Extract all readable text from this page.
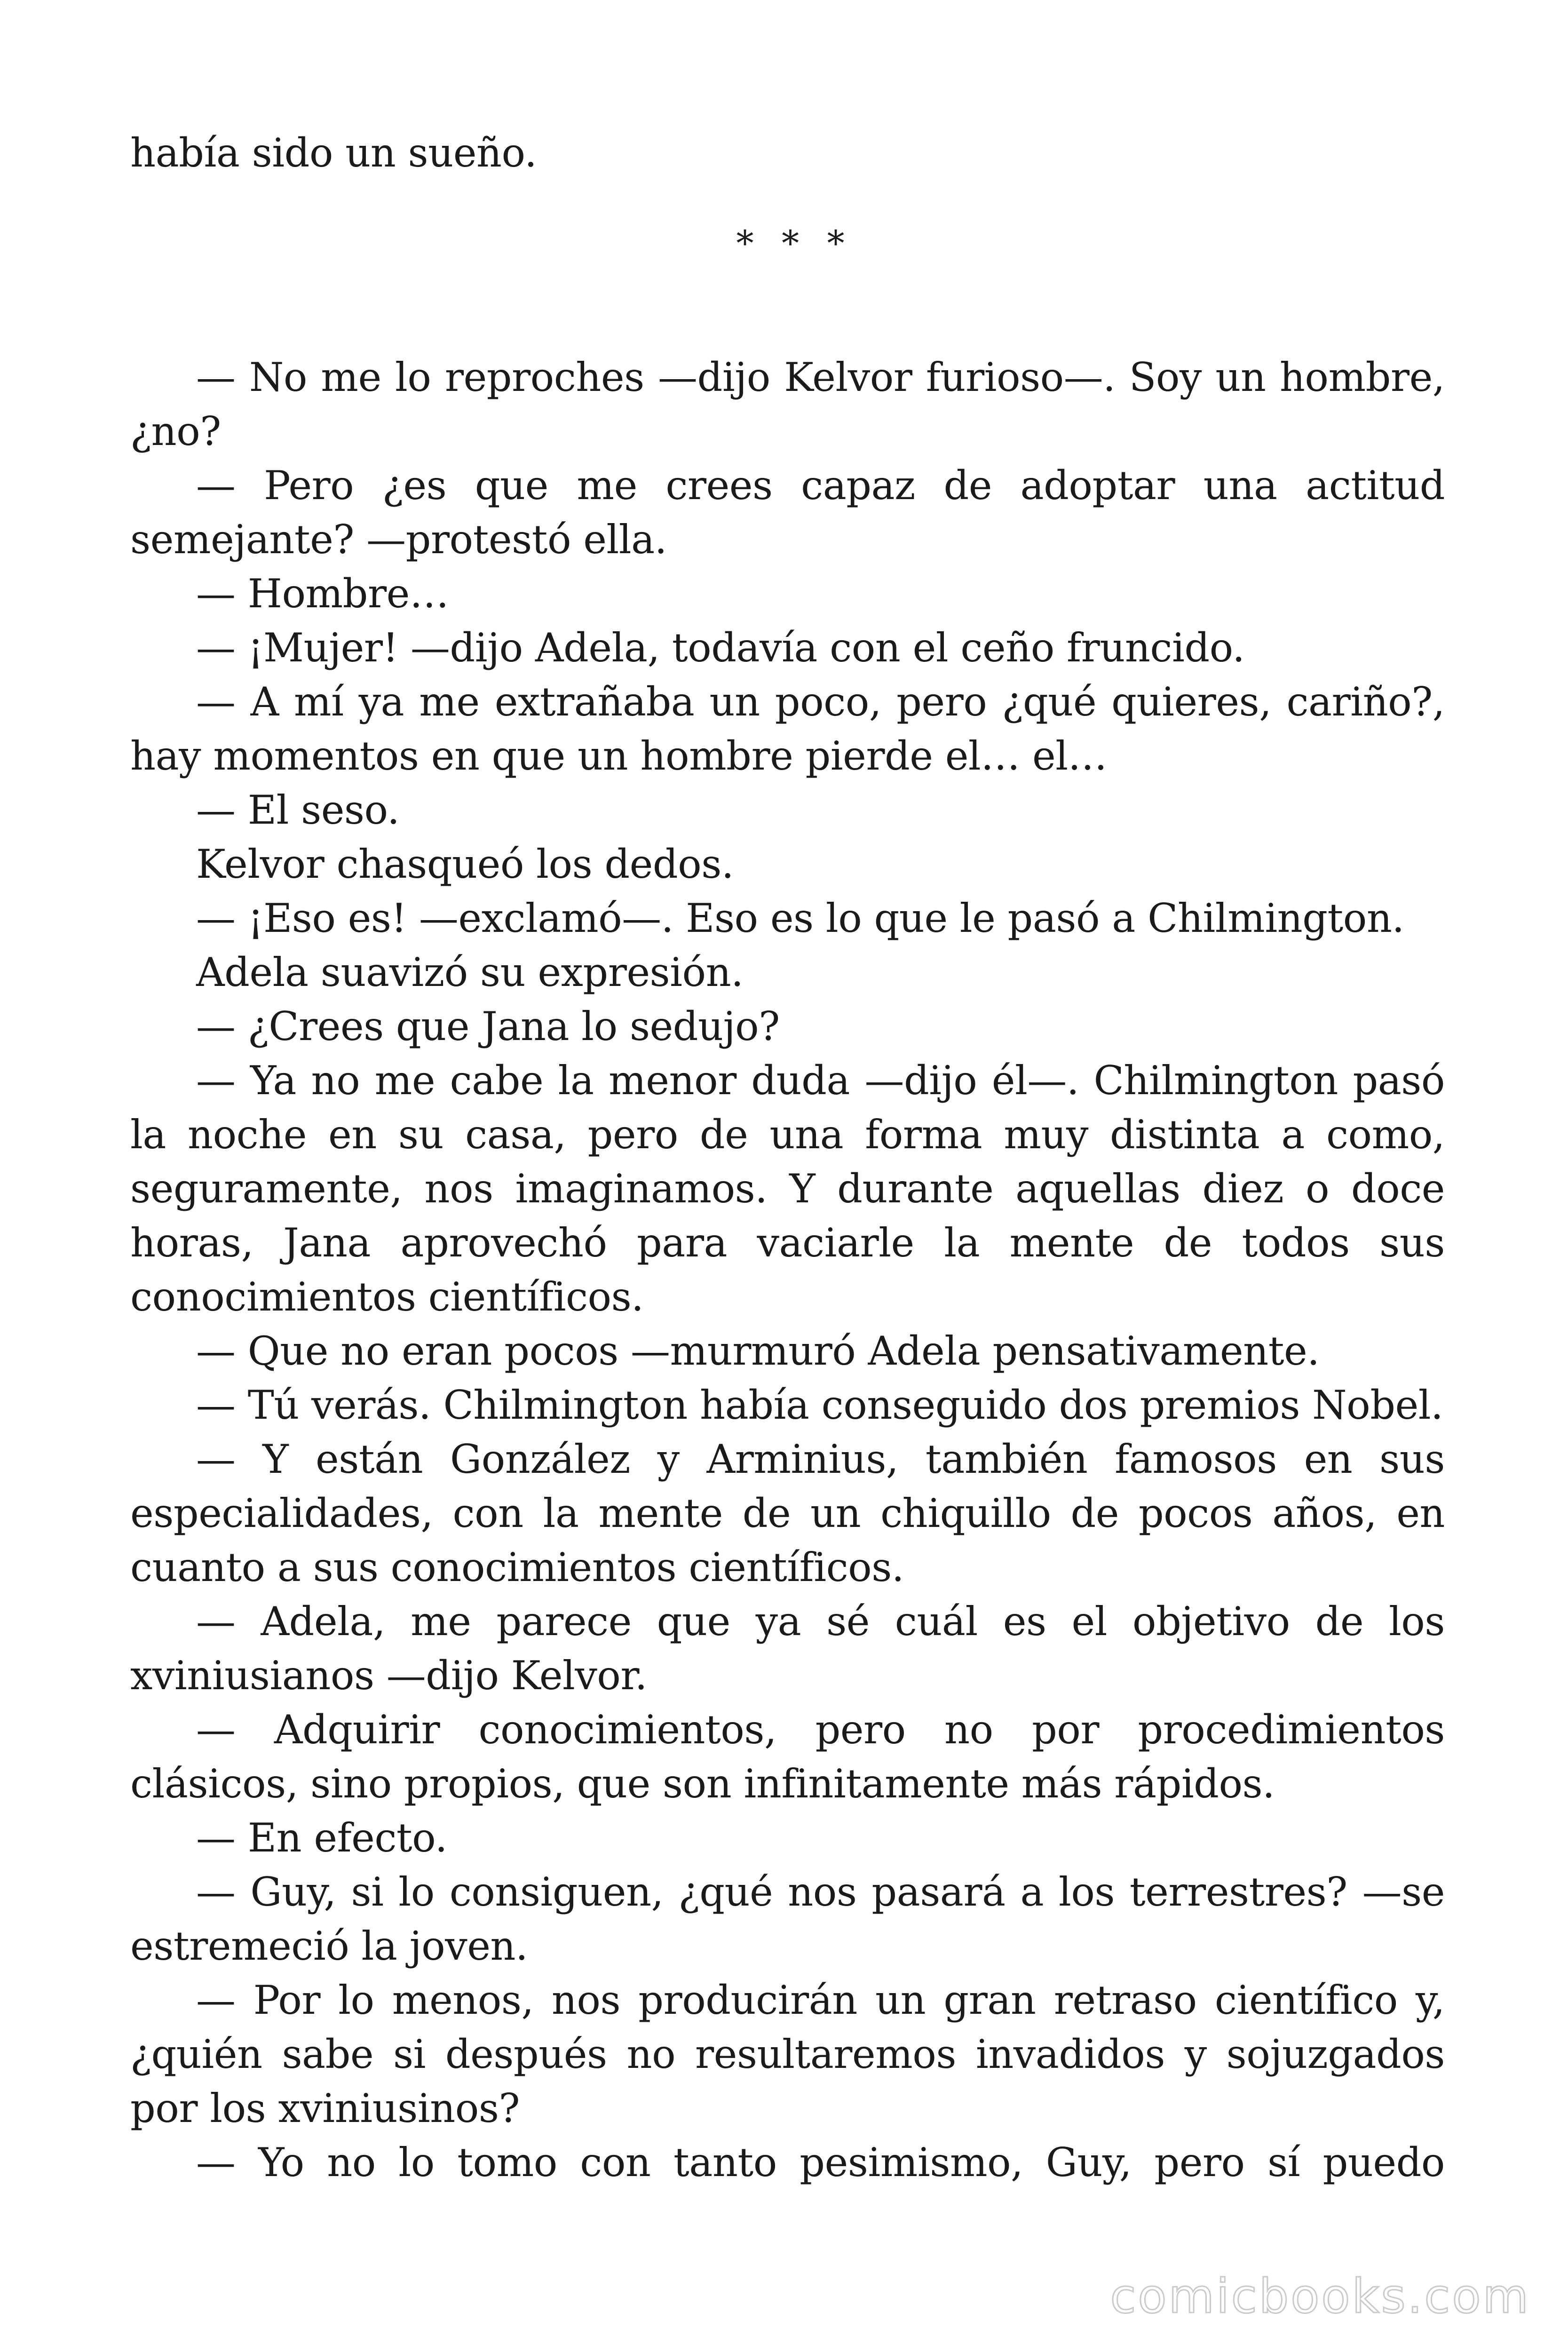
había sido un sueño.

* * *

— No me lo reproches —dijo Kelvor furioso—. Soy un hombre, ¿no?

— Pero ¿es que me crees capaz de adoptar una actitud semejante? —protestó ella.

— Hombre…

— ¡Mujer! —dijo Adela, todavía con el ceño fruncido.

— A mí ya me extrañaba un poco, pero ¿qué quieres, cariño?, hay momentos en que un hombre pierde el… el…

— El seso.

Kelvor chasqueó los dedos.

— ¡Eso es! —exclamó—. Eso es lo que le pasó a Chilmington.

Adela suavizó su expresión.

— ¿Crees que Jana lo sedujo?

— Ya no me cabe la menor duda —dijo él—. Chilmington pasó la noche en su casa, pero de una forma muy distinta a como, seguramente, nos imaginamos. Y durante aquellas diez o doce horas, Jana aprovechó para vaciarle la mente de todos sus conocimientos científicos.

— Que no eran pocos —murmuró Adela pensativamente.

— Tú verás. Chilmington había conseguido dos premios Nobel.

— Y están González y Arminius, también famosos en sus especialidades, con la mente de un chiquillo de pocos años, en cuanto a sus conocimientos científicos.

— Adela, me parece que ya sé cuál es el objetivo de los xviniusianos —dijo Kelvor.

— Adquirir conocimientos, pero no por procedimientos clásicos, sino propios, que son infinitamente más rápidos.

— En efecto.

— Guy, si lo consiguen, ¿qué nos pasará a los terrestres? —se estremeció la joven.

— Por lo menos, nos producirán un gran retraso científico y, ¿quién sabe si después no resultaremos invadidos y sojuzgados por los xviniusinos?

— Yo no lo tomo con tanto pesimismo, Guy, pero sí puedo

comicbooks.com
